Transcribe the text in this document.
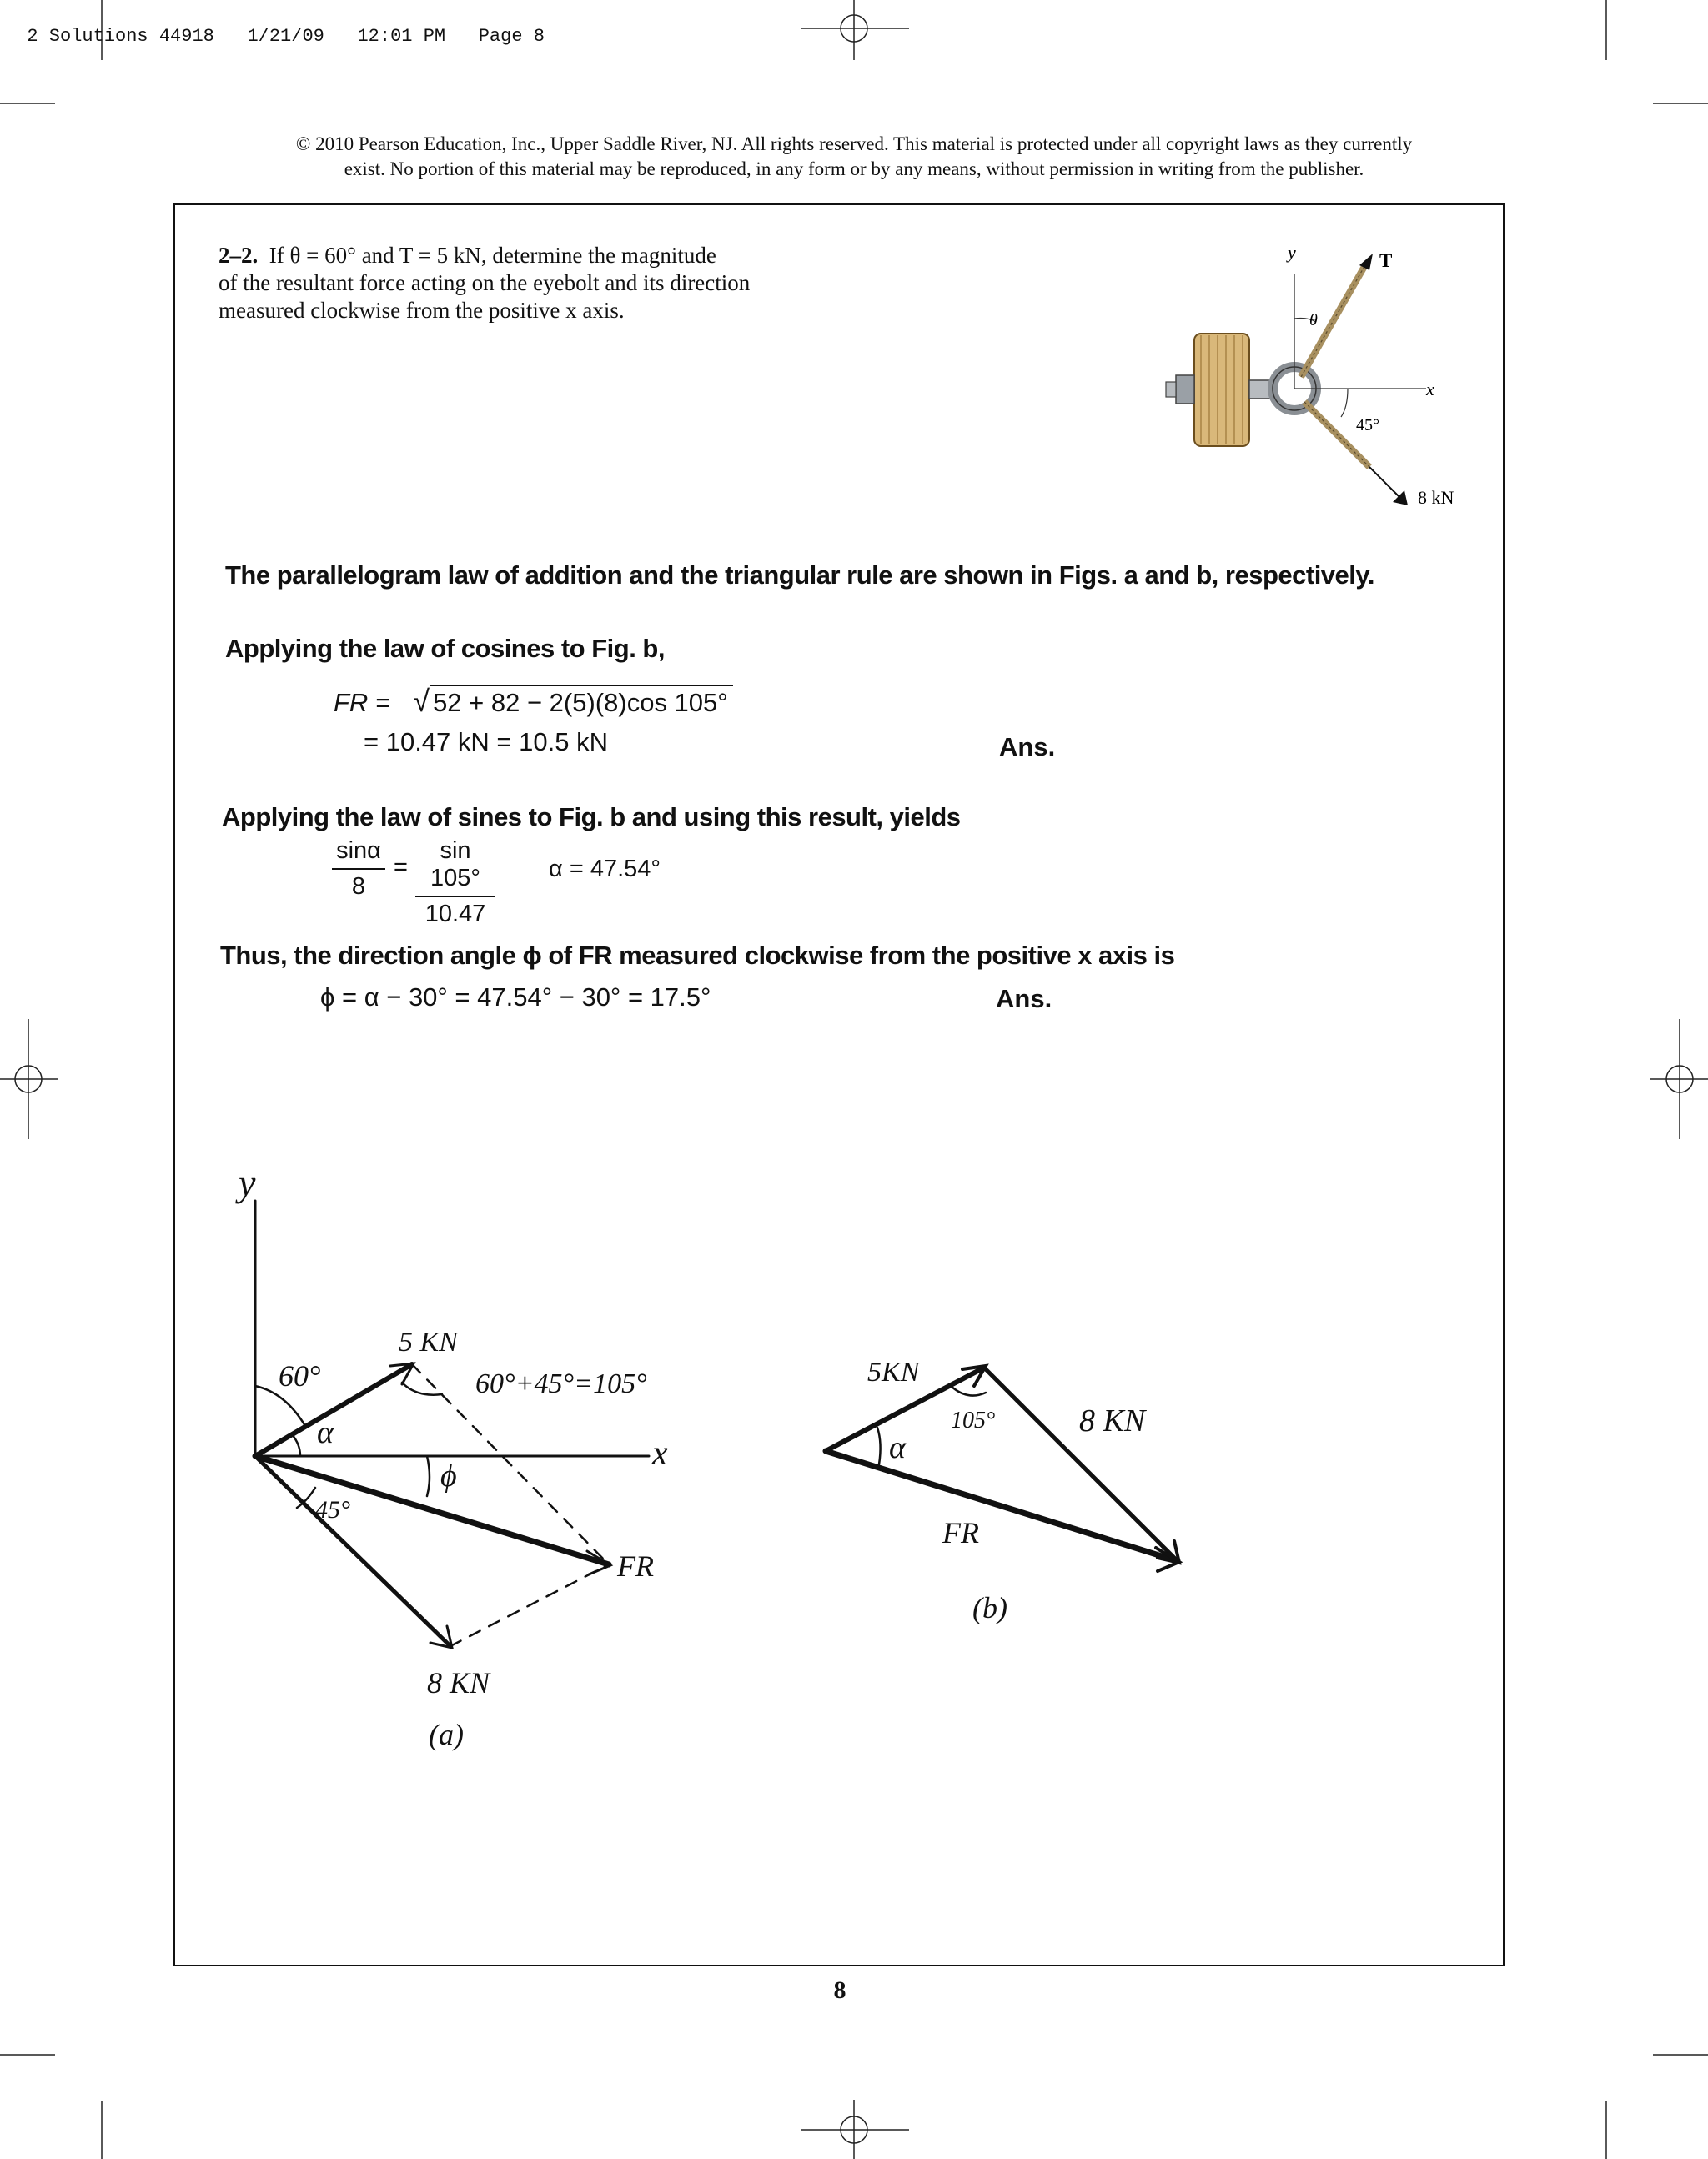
2 Solutions 44918 1/21/09 12:01 PM Page 8

© 2010 Pearson Education, Inc., Upper Saddle River, NJ. All rights reserved. This material is protected under all copyright laws as they currently
exist. No portion of this material may be reproduced, in any form or by any means, without permission in writing from the publisher.
2–2. If θ = 60° and T = 5 kN, determine the magnitude
of the resultant force acting on the eyebolt and its direction
measured clockwise from the positive x axis.
y	T
θ
x
45°
8 kN
The parallelogram law of addition and the triangular rule are shown in Figs. a and b, respectively.
Applying the law of cosines to Fig. b,
FR = √ 52 + 82 − 2(5)(8)cos 105°
= 10.47 kN = 10.5 kN	Ans.
Applying the law of sines to Fig. b and using this result, yields
$\frac{\sin\alpha}{8} = \frac{\sin 105^\circ}{10.47}$ α = 47.54°
Thus, the direction angle ϕ of FR measured clockwise from the positive x axis is
ϕ = α − 30° = 47.54° − 30° = 17.5°	Ans.
y
60°
5 KN
60°+45°=105°
α
x
ϕ
45°
FR
8 KN
(a)
5KN
105°	8 KN
α
FR
(b)
8
